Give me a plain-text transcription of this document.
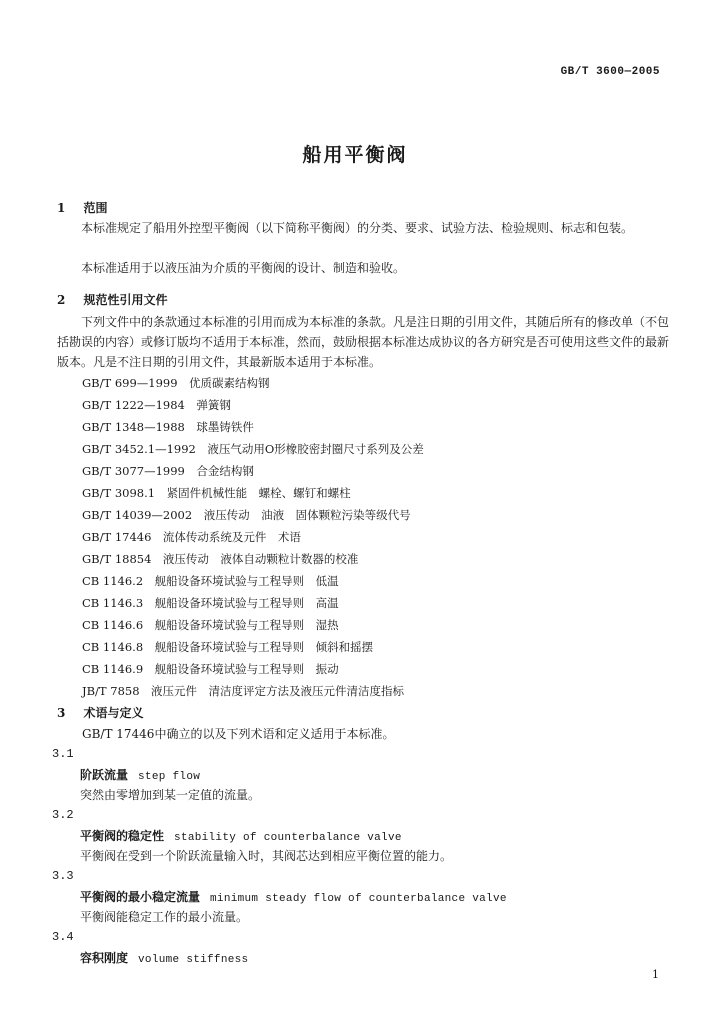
GB/T 3600—2005
船用平衡阀
1 范围
本标准规定了船用外控型平衡阀（以下简称平衡阀）的分类、要求、试验方法、检验规则、标志和包装。
本标准适用于以液压油为介质的平衡阀的设计、制造和验收。
2 规范性引用文件
下列文件中的条款通过本标准的引用而成为本标准的条款。凡是注日期的引用文件，其随后所有的修改单（不包括勘误的内容）或修订版均不适用于本标准，然而，鼓励根据本标准达成协议的各方研究是否可使用这些文件的最新版本。凡是不注日期的引用文件，其最新版本适用于本标准。
GB/T 699—1999　优质碳素结构钢
GB/T 1222—1984　弹簧钢
GB/T 1348—1988　球墨铸铁件
GB/T 3452.1—1992　液压气动用O形橡胶密封圈尺寸系列及公差
GB/T 3077—1999　合金结构钢
GB/T 3098.1　紧固件机械性能　螺栓、螺钉和螺柱
GB/T 14039—2002　液压传动　油液　固体颗粒污染等级代号
GB/T 17446　流体传动系统及元件　术语
GB/T 18854　液压传动　液体自动颗粒计数器的校准
CB 1146.2　舰船设备环境试验与工程导则　低温
CB 1146.3　舰船设备环境试验与工程导则　高温
CB 1146.6　舰船设备环境试验与工程导则　湿热
CB 1146.8　舰船设备环境试验与工程导则　倾斜和摇摆
CB 1146.9　舰船设备环境试验与工程导则　振动
JB/T 7858　液压元件　清洁度评定方法及液压元件清洁度指标
3 术语与定义
GB/T 17446中确立的以及下列术语和定义适用于本标准。
3.1
阶跃流量 step flow
突然由零增加到某一定值的流量。
3.2
平衡阀的稳定性 stability of counterbalance valve
平衡阀在受到一个阶跃流量输入时，其阀芯达到相应平衡位置的能力。
3.3
平衡阀的最小稳定流量 minimum steady flow of counterbalance valve
平衡阀能稳定工作的最小流量。
3.4
容积刚度 volume stiffness
1
